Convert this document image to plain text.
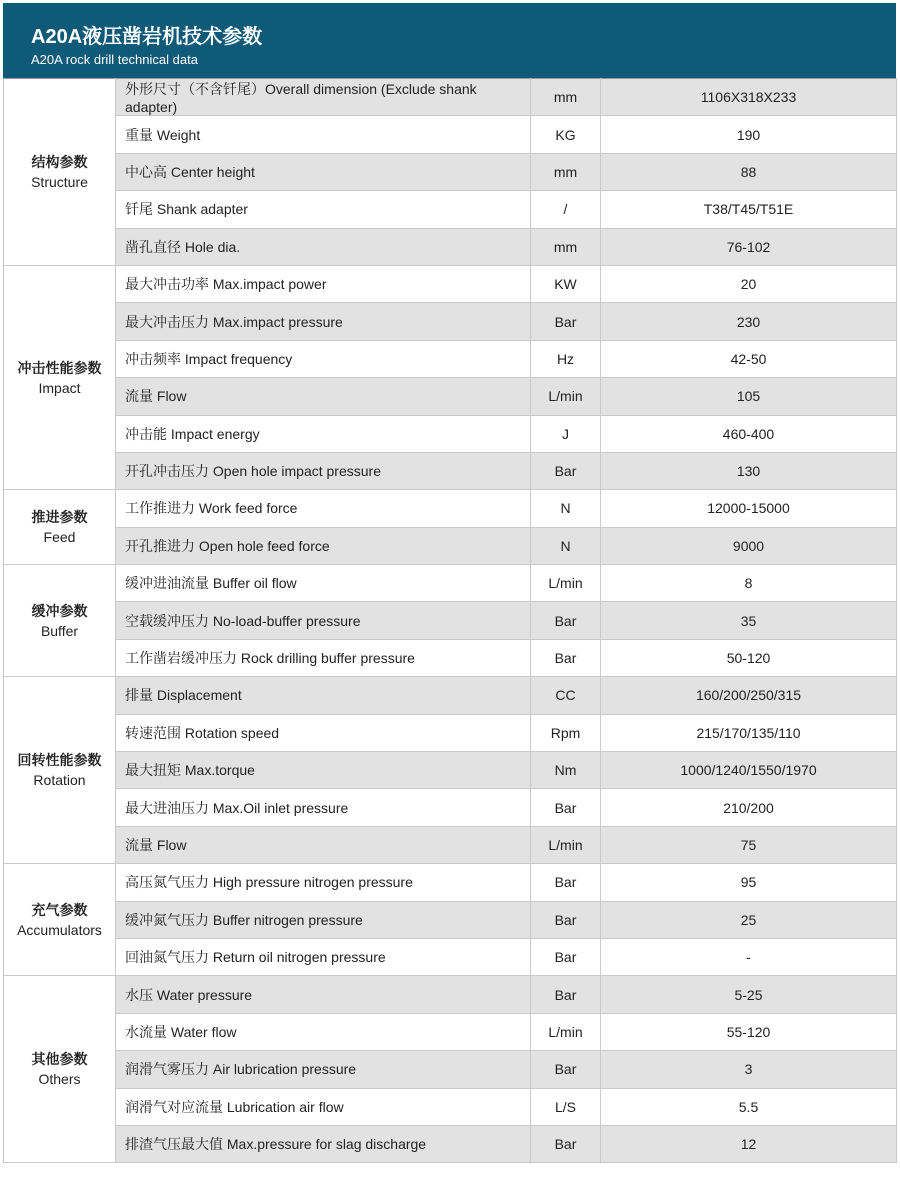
A20A液压凿岩机技术参数
A20A rock drill technical data
结构参数
Structure	外形尺寸（不含钎尾）Overall dimension (Exclude shank adapter)	mm	1106X318X233
	重量 Weight	KG	190
	中心高 Center height	mm	88
	钎尾 Shank adapter	/	T38/T45/T51E
	凿孔直径 Hole dia.	mm	76-102

冲击性能参数
Impact	最大冲击功率 Max.impact power	KW	20
	最大冲击压力 Max.impact pressure	Bar	230
	冲击频率 Impact frequency	Hz	42-50
	流量 Flow	L/min	105
	冲击能 Impact energy	J	460-400
	开孔冲击压力 Open hole impact pressure	Bar	130

推进参数
Feed	工作推进力 Work feed force	N	12000-15000
	开孔推进力 Open hole feed force	N	9000

缓冲参数
Buffer	缓冲进油流量 Buffer oil flow	L/min	8
	空载缓冲压力 No-load-buffer pressure	Bar	35
	工作凿岩缓冲压力 Rock drilling buffer pressure	Bar	50-120

回转性能参数
Rotation	排量 Displacement	CC	160/200/250/315
	转速范围 Rotation speed	Rpm	215/170/135/110
	最大扭矩 Max.torque	Nm	1000/1240/1550/1970
	最大进油压力 Max.Oil inlet pressure	Bar	210/200
	流量 Flow	L/min	75

充气参数
Accumulators	高压氮气压力 High pressure nitrogen pressure	Bar	95
	缓冲氮气压力 Buffer nitrogen pressure	Bar	25
	回油氮气压力 Return oil nitrogen pressure	Bar	-

其他参数
Others	水压 Water pressure	Bar	5-25
	水流量 Water flow	L/min	55-120
	润滑气雾压力 Air lubrication pressure	Bar	3
	润滑气对应流量 Lubrication air flow	L/S	5.5
	排渣气压最大值 Max.pressure for slag discharge	Bar	12
